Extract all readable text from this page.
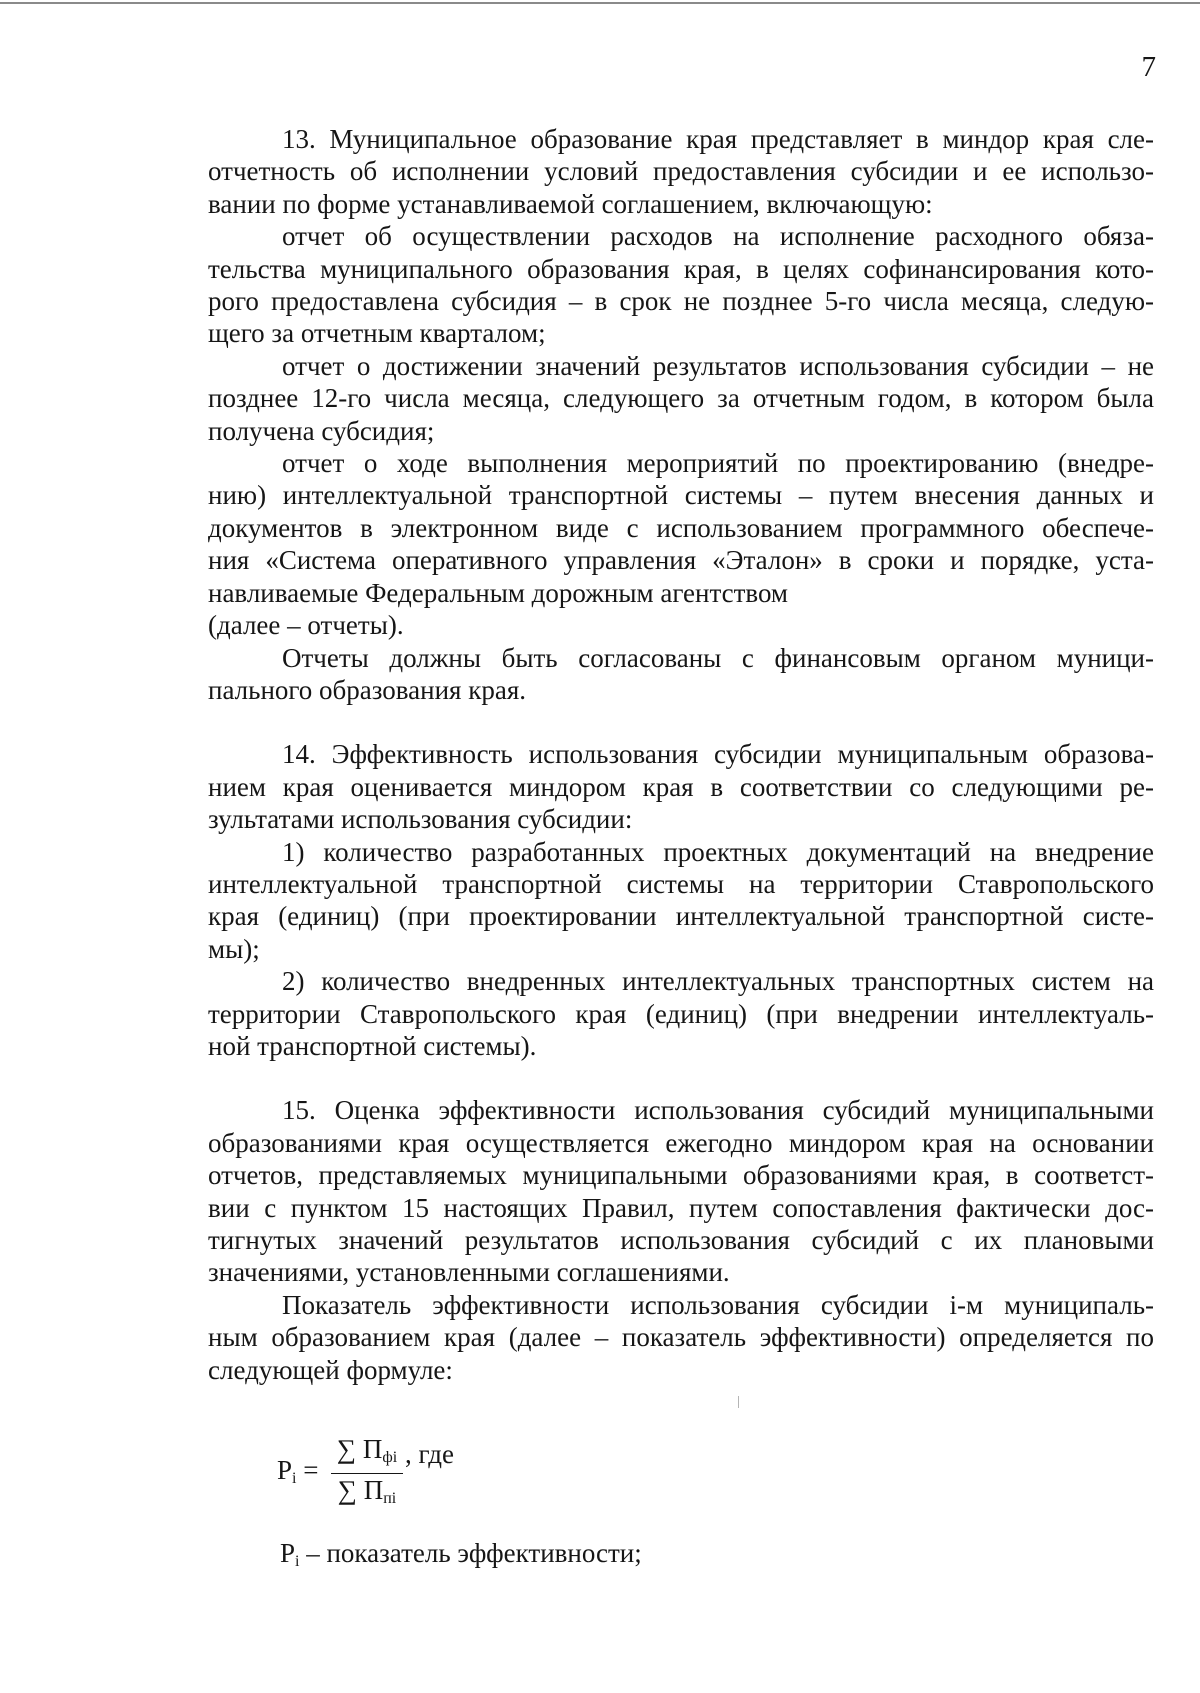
7

13. Муниципальное образование края представляет в миндор края сле-
отчетность об исполнении условий предоставления субсидии и ее использо-
вании по форме устанавливаемой соглашением, включающую:
отчет об осуществлении расходов на исполнение расходного обяза-
тельства муниципального образования края, в целях софинансирования кото-
рого предоставлена субсидия – в срок не позднее 5-го числа месяца, следую-
щего за отчетным кварталом;
отчет о достижении значений результатов использования субсидии – не
позднее 12-го числа месяца, следующего за отчетным годом, в котором была
получена субсидия;
отчет о ходе выполнения мероприятий по проектированию (внедре-
нию) интеллектуальной транспортной системы – путем внесения данных и
документов в электронном виде с использованием программного обеспече-
ния «Система оперативного управления «Эталон» в сроки и порядке, уста-
навливаемые Федеральным дорожным агентством
(далее – отчеты).
Отчеты должны быть согласованы с финансовым органом муници-
пального образования края.

14. Эффективность использования субсидии муниципальным образова-
нием края оценивается миндором края в соответствии со следующими ре-
зультатами использования субсидии:
1) количество разработанных проектных документаций на внедрение
интеллектуальной транспортной системы на территории Ставропольского
края (единиц) (при проектировании интеллектуальной транспортной систе-
мы);
2) количество внедренных интеллектуальных транспортных систем на
территории Ставропольского края (единиц) (при внедрении интеллектуаль-
ной транспортной системы).

15. Оценка эффективности использования субсидий муниципальными
образованиями края осуществляется ежегодно миндором края на основании
отчетов, представляемых муниципальными образованиями края, в соответст-
вии с пунктом 15 настоящих Правил, путем сопоставления фактически дос-
тигнутых значений результатов использования субсидий с их плановыми
значениями, установленными соглашениями.
Показатель эффективности использования субсидии i-м муниципаль-
ным образованием края (далее – показатель эффективности) определяется по
следующей формуле:

$P_i$ =
∑ $П_{фi}$
∑ $П_{пi}$
, где
$P_i$ – показатель эффективности;
